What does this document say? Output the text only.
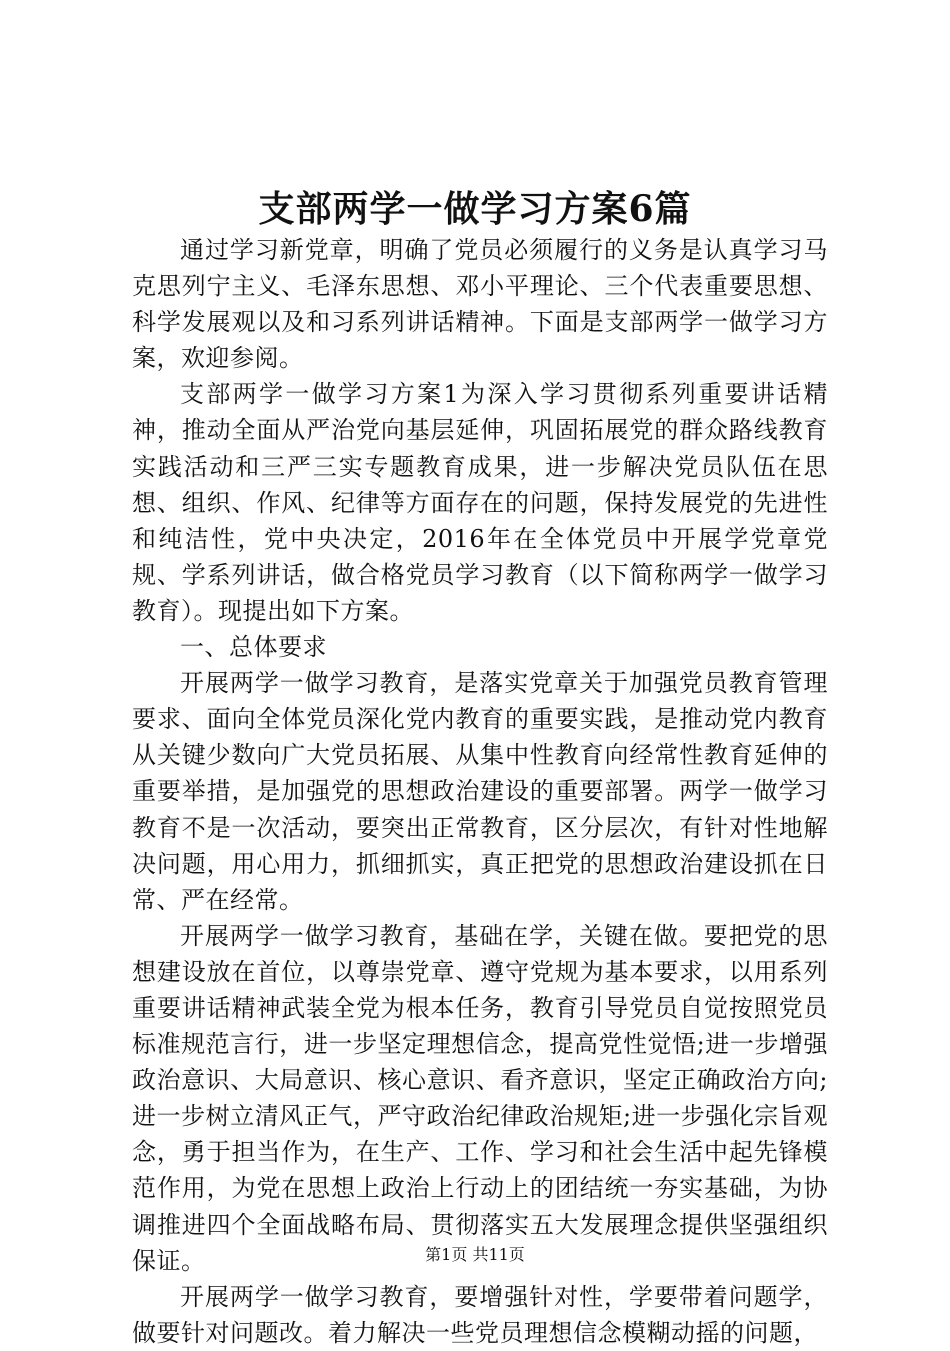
支部两学一做学习方案6篇

通过学习新党章，明确了党员必须履行的义务是认真学习马克思列宁主义、毛泽东思想、邓小平理论、三个代表重要思想、科学发展观以及和习系列讲话精神。下面是支部两学一做学习方案，欢迎参阅。

支部两学一做学习方案1为深入学习贯彻系列重要讲话精神，推动全面从严治党向基层延伸，巩固拓展党的群众路线教育实践活动和三严三实专题教育成果，进一步解决党员队伍在思想、组织、作风、纪律等方面存在的问题，保持发展党的先进性和纯洁性，党中央决定，2016年在全体党员中开展学党章党规、学系列讲话，做合格党员学习教育（以下简称两学一做学习教育）。现提出如下方案。

一、总体要求

开展两学一做学习教育，是落实党章关于加强党员教育管理要求、面向全体党员深化党内教育的重要实践，是推动党内教育从关键少数向广大党员拓展、从集中性教育向经常性教育延伸的重要举措，是加强党的思想政治建设的重要部署。两学一做学习教育不是一次活动，要突出正常教育，区分层次，有针对性地解决问题，用心用力，抓细抓实，真正把党的思想政治建设抓在日常、严在经常。

开展两学一做学习教育，基础在学，关键在做。要把党的思想建设放在首位，以尊崇党章、遵守党规为基本要求，以用系列重要讲话精神武装全党为根本任务，教育引导党员自觉按照党员标准规范言行，进一步坚定理想信念，提高党性觉悟;进一步增强政治意识、大局意识、核心意识、看齐意识，坚定正确政治方向;进一步树立清风正气，严守政治纪律政治规矩;进一步强化宗旨观念，勇于担当作为，在生产、工作、学习和社会生活中起先锋模范作用，为党在思想上政治上行动上的团结统一夯实基础，为协调推进四个全面战略布局、贯彻落实五大发展理念提供坚强组织保证。

开展两学一做学习教育，要增强针对性，学要带着问题学，做要针对问题改。着力解决一些党员理想信念模糊动摇的问题，

第1页 共11页
